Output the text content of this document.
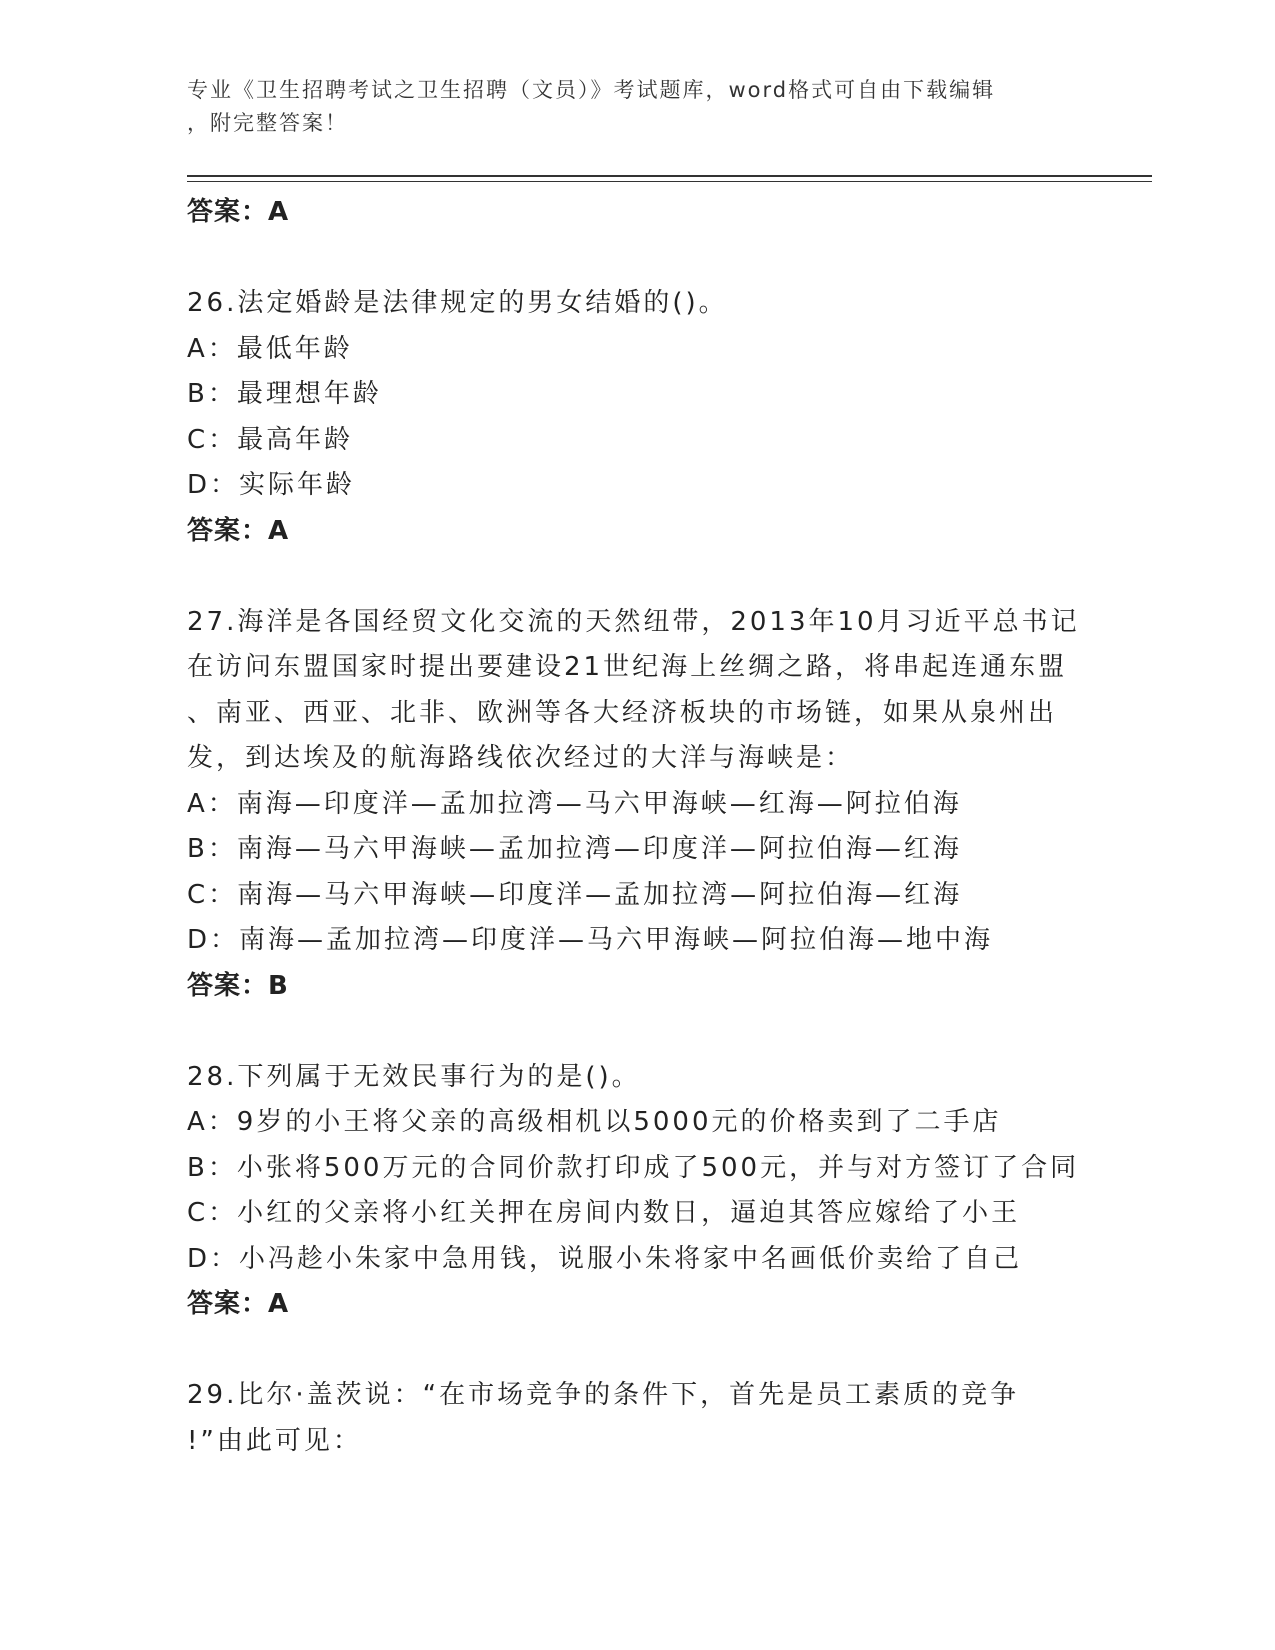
专业《卫生招聘考试之卫生招聘（文员）》考试题库，word格式可自由下载编辑
，附完整答案！
答案：A
26.法定婚龄是法律规定的男女结婚的()。
A：最低年龄
B：最理想年龄
C：最高年龄
D：实际年龄
答案：A
27.海洋是各国经贸文化交流的天然纽带，2013年10月习近平总书记
在访问东盟国家时提出要建设21世纪海上丝绸之路，将串起连通东盟
、南亚、西亚、北非、欧洲等各大经济板块的市场链，如果从泉州出
发，到达埃及的航海路线依次经过的大洋与海峡是：
A：南海—印度洋—孟加拉湾—马六甲海峡—红海—阿拉伯海
B：南海—马六甲海峡—孟加拉湾—印度洋—阿拉伯海—红海
C：南海—马六甲海峡—印度洋—孟加拉湾—阿拉伯海—红海
D：南海—孟加拉湾—印度洋—马六甲海峡—阿拉伯海—地中海
答案：B
28.下列属于无效民事行为的是()。
A：9岁的小王将父亲的高级相机以5000元的价格卖到了二手店
B：小张将500万元的合同价款打印成了500元，并与对方签订了合同
C：小红的父亲将小红关押在房间内数日，逼迫其答应嫁给了小王
D：小冯趁小朱家中急用钱，说服小朱将家中名画低价卖给了自己
答案：A
29.比尔·盖茨说：“在市场竞争的条件下，首先是员工素质的竞争
!”由此可见：
